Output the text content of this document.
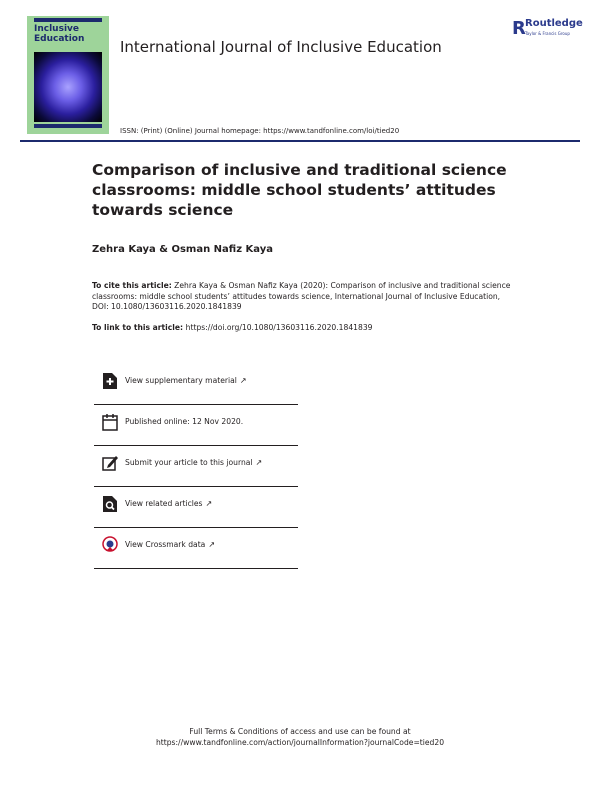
Inclusive
Education	International Journal of Inclusive Education
R Routledge
Taylor & Francis Group
ISSN: (Print) (Online) Journal homepage: https://www.tandfonline.com/loi/tied20
Comparison of inclusive and traditional science classrooms: middle school students’ attitudes towards science
Zehra Kaya & Osman Nafiz Kaya
To cite this article: Zehra Kaya & Osman Nafiz Kaya (2020): Comparison of inclusive and traditional science classrooms: middle school students’ attitudes towards science, International Journal of Inclusive Education, DOI: 10.1080/13603116.2020.1841839
To link to this article: https://doi.org/10.1080/13603116.2020.1841839
View supplementary material ↗
Published online: 12 Nov 2020.
Submit your article to this journal ↗
View related articles ↗
View Crossmark data ↗
Full Terms & Conditions of access and use can be found at
https://www.tandfonline.com/action/journalInformation?journalCode=tied20
